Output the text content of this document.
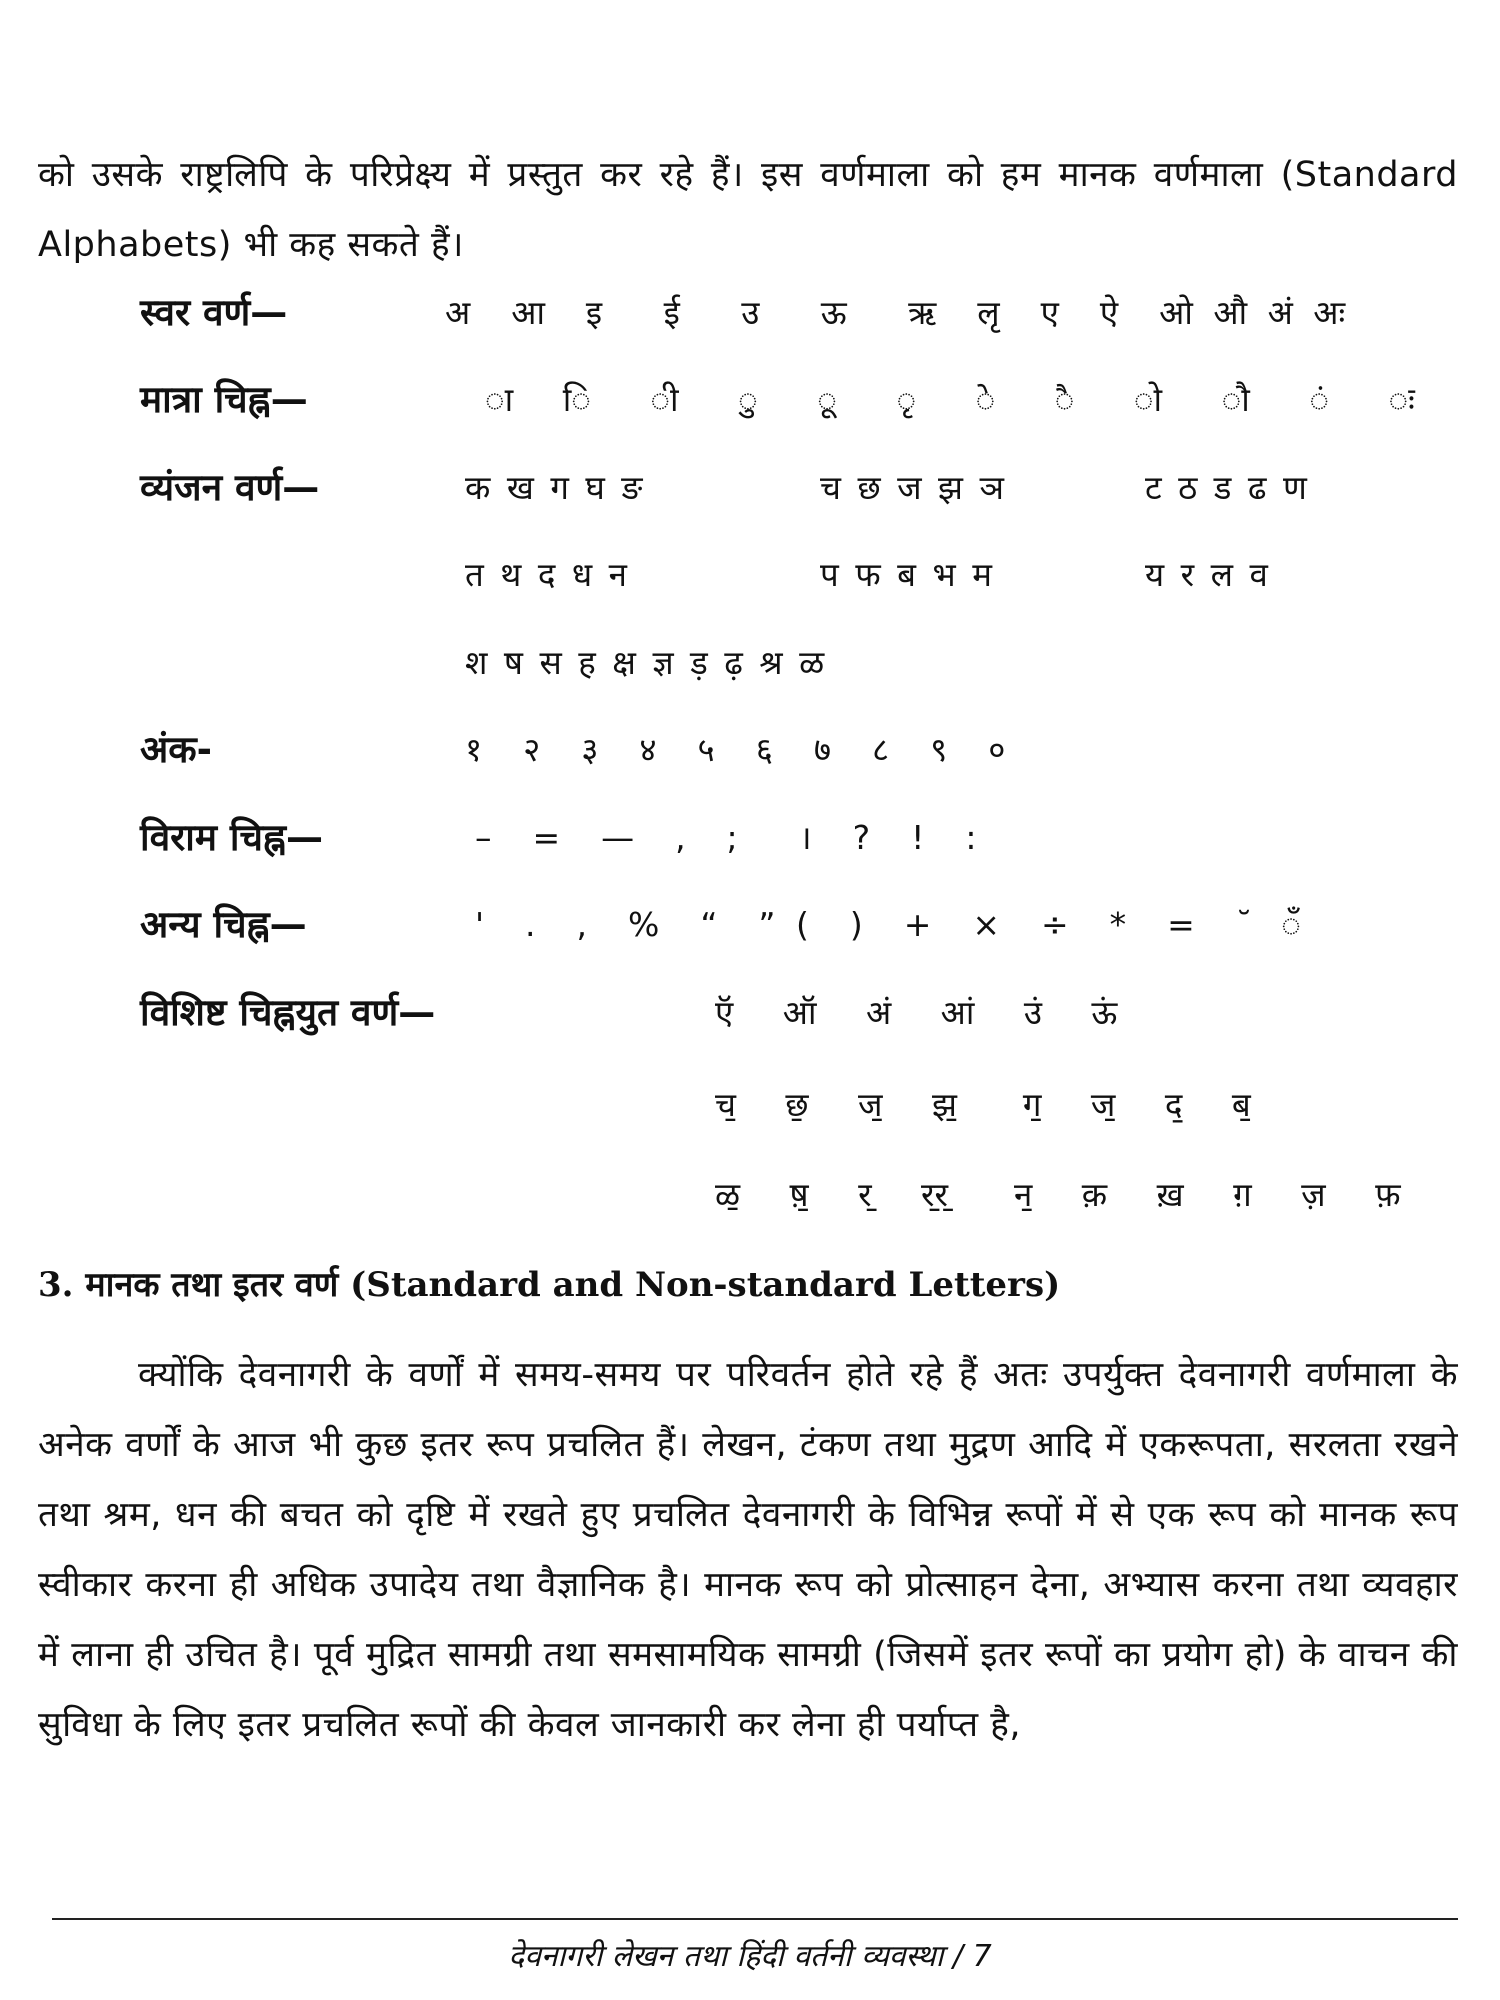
को उसके राष्ट्रलिपि के परिप्रेक्ष्य में प्रस्तुत कर रहे हैं। इस वर्णमाला को हम मानक वर्णमाला (Standard Alphabets) भी कह सकते हैं।
स्वर वर्ण—	अ  आ  इ   ई   उ   ऊ   ऋ  लृ  ए  ऐ  ओ औ अं अः
मात्रा चिह्न—	ा   ि   ी   ु   ू   ृ   े   ै   ो   ौ   ं   ः
व्यंजन वर्ण—	क ख ग घ ङ	च छ ज झ ञ	ट ठ ड ढ ण
त थ द ध न	प फ ब भ म	य र ल व
श ष स ह क्ष ज्ञ ड़ ढ़ श्र ळ
अंक-	१  २  ३  ४  ५  ६  ७  ८  ९  ०
विराम चिह्न—	–  =  —  ,  ;   ।  ?  !  :
अन्य चिह्न—	'  .  ,  %  “  ” (  )  +  ×  ÷  *  =  ˘  ँ
विशिष्ट चिह्नयुत वर्ण—	ऍ   ऑ   अं   आं   उं   ऊं
च̱   छ̱   ज̱   झ̱    ग̱   ज̱   द̱   ब̱
ळ̱   ष़̱   र̱   र̱र̱    न̱   क़   ख़   ग़   ज़   फ़
3. मानक तथा इतर वर्ण (Standard and Non-standard Letters)
क्योंकि देवनागरी के वर्णों में समय-समय पर परिवर्तन होते रहे हैं अतः उपर्युक्त देवनागरी वर्णमाला के अनेक वर्णों के आज भी कुछ इतर रूप प्रचलित हैं। लेखन, टंकण तथा मुद्रण आदि में एकरूपता, सरलता रखने तथा श्रम, धन की बचत को दृष्टि में रखते हुए प्रचलित देवनागरी के विभिन्न रूपों में से एक रूप को मानक रूप स्वीकार करना ही अधिक उपादेय तथा वैज्ञानिक है। मानक रूप को प्रोत्साहन देना, अभ्यास करना तथा व्यवहार में लाना ही उचित है। पूर्व मुद्रित सामग्री तथा समसामयिक सामग्री (जिसमें इतर रूपों का प्रयोग हो) के वाचन की सुविधा के लिए इतर प्रचलित रूपों की केवल जानकारी कर लेना ही पर्याप्त है,
देवनागरी लेखन तथा हिंदी वर्तनी व्यवस्था / 7
